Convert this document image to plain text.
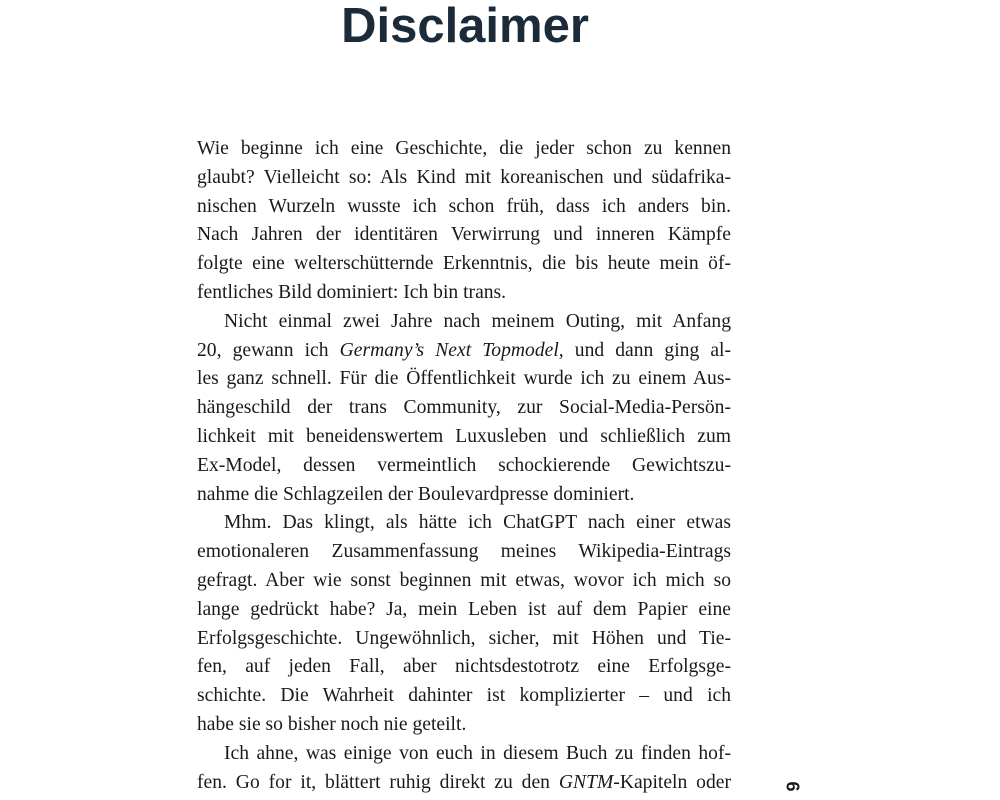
Disclaimer
Wie beginne ich eine Geschichte, die jeder schon zu kennen
glaubt? Vielleicht so: Als Kind mit koreanischen und südafrika-
nischen Wurzeln wusste ich schon früh, dass ich anders bin.
Nach Jahren der identitären Verwirrung und inneren Kämpfe
folgte eine welterschütternde Erkenntnis, die bis heute mein öf-
fentliches Bild dominiert: Ich bin trans.
Nicht einmal zwei Jahre nach meinem Outing, mit Anfang
20, gewann ich Germany’s Next Topmodel, und dann ging al-
les ganz schnell. Für die Öffentlichkeit wurde ich zu einem Aus-
hängeschild der trans Community, zur Social-Media-Persön-
lichkeit mit beneidenswertem Luxusleben und schließlich zum
Ex-Model, dessen vermeintlich schockierende Gewichtszu-
nahme die Schlagzeilen der Boulevardpresse dominiert.
Mhm. Das klingt, als hätte ich ChatGPT nach einer etwas
emotionaleren Zusammenfassung meines Wikipedia-Eintrags
gefragt. Aber wie sonst beginnen mit etwas, wovor ich mich so
lange gedrückt habe? Ja, mein Leben ist auf dem Papier eine
Erfolgsgeschichte. Ungewöhnlich, sicher, mit Höhen und Tie-
fen, auf jeden Fall, aber nichtsdestotrotz eine Erfolgsge-
schichte. Die Wahrheit dahinter ist komplizierter – und ich
habe sie so bisher noch nie geteilt.
Ich ahne, was einige von euch in diesem Buch zu finden hof-
fen. Go for it, blättert ruhig direkt zu den GNTM-Kapiteln oder	6
